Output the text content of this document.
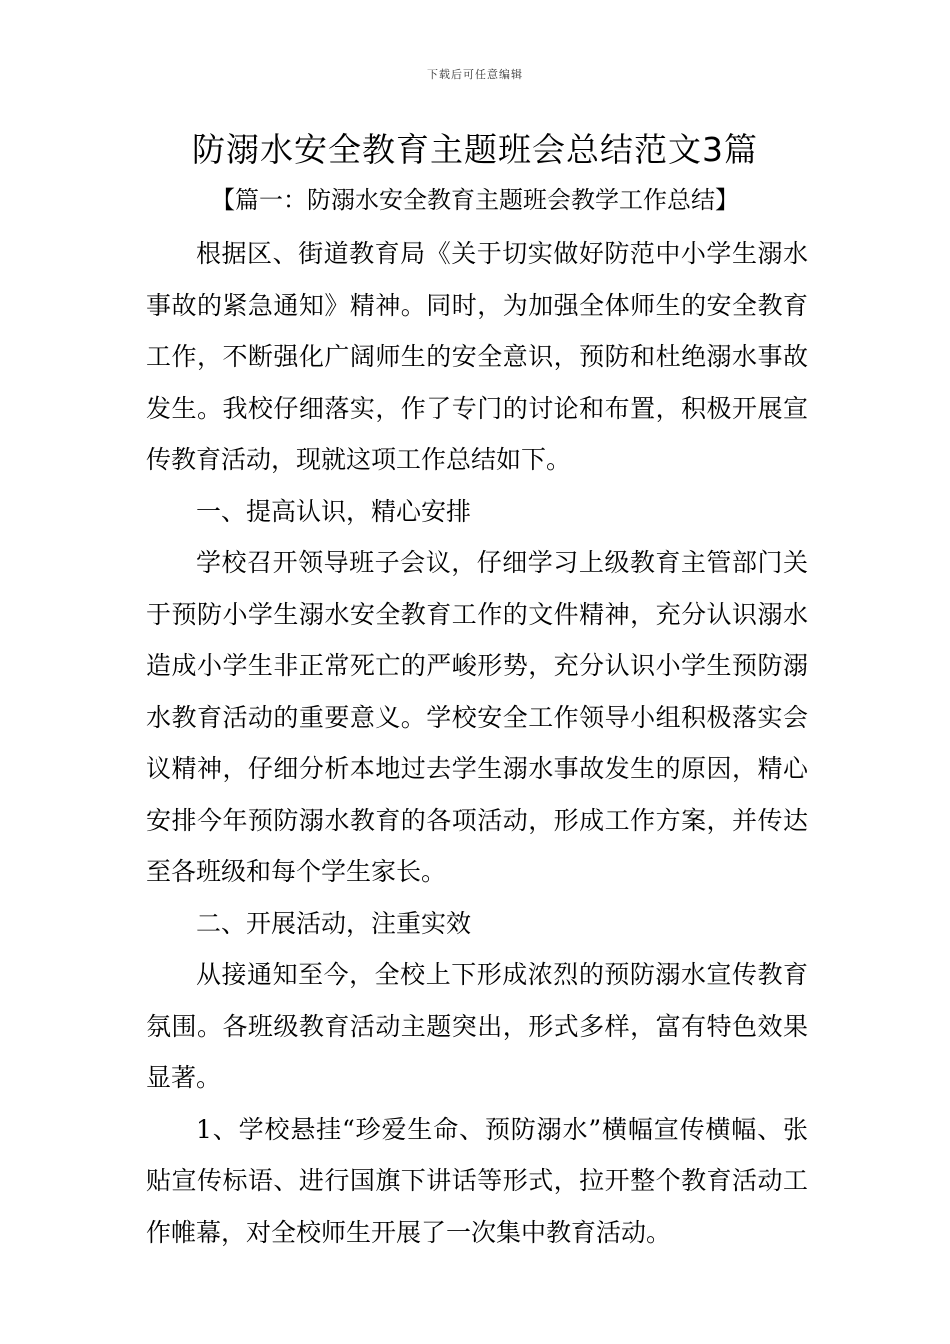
下载后可任意编辑
防溺水安全教育主题班会总结范文3篇
【篇一：防溺水安全教育主题班会教学工作总结】

根据区、街道教育局《关于切实做好防范中小学生溺水事故的紧急通知》精神。同时，为加强全体师生的安全教育工作，不断强化广阔师生的安全意识，预防和杜绝溺水事故发生。我校仔细落实，作了专门的讨论和布置，积极开展宣传教育活动，现就这项工作总结如下。

一、提高认识，精心安排

学校召开领导班子会议，仔细学习上级教育主管部门关于预防小学生溺水安全教育工作的文件精神，充分认识溺水造成小学生非正常死亡的严峻形势，充分认识小学生预防溺水教育活动的重要意义。学校安全工作领导小组积极落实会议精神，仔细分析本地过去学生溺水事故发生的原因，精心安排今年预防溺水教育的各项活动，形成工作方案，并传达至各班级和每个学生家长。

二、开展活动，注重实效

从接通知至今，全校上下形成浓烈的预防溺水宣传教育氛围。各班级教育活动主题突出，形式多样，富有特色效果显著。

1、学校悬挂“珍爱生命、预防溺水”横幅宣传横幅、张贴宣传标语、进行国旗下讲话等形式，拉开整个教育活动工作帷幕，对全校师生开展了一次集中教育活动。
